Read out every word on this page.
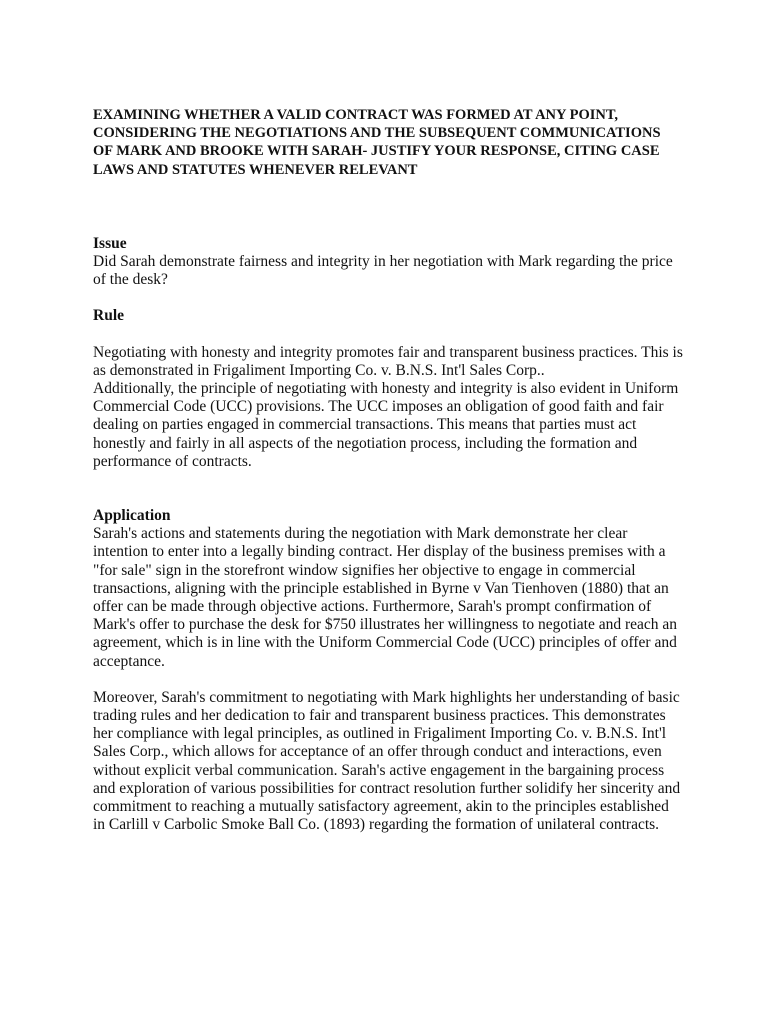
EXAMINING WHETHER A VALID CONTRACT WAS FORMED AT ANY POINT, CONSIDERING THE NEGOTIATIONS AND THE SUBSEQUENT COMMUNICATIONS OF MARK AND BROOKE WITH SARAH- JUSTIFY YOUR RESPONSE, CITING CASE LAWS AND STATUTES WHENEVER RELEVANT

Issue

Did Sarah demonstrate fairness and integrity in her negotiation with Mark regarding the price of the desk?

Rule

Negotiating with honesty and integrity promotes fair and transparent business practices. This is as demonstrated in Frigaliment Importing Co. v. B.N.S. Int'l Sales Corp..

Additionally, the principle of negotiating with honesty and integrity is also evident in Uniform Commercial Code (UCC) provisions. The UCC imposes an obligation of good faith and fair dealing on parties engaged in commercial transactions. This means that parties must act honestly and fairly in all aspects of the negotiation process, including the formation and performance of contracts.

Application

Sarah's actions and statements during the negotiation with Mark demonstrate her clear intention to enter into a legally binding contract. Her display of the business premises with a "for sale" sign in the storefront window signifies her objective to engage in commercial transactions, aligning with the principle established in Byrne v Van Tienhoven (1880) that an offer can be made through objective actions. Furthermore, Sarah's prompt confirmation of Mark's offer to purchase the desk for $750 illustrates her willingness to negotiate and reach an agreement, which is in line with the Uniform Commercial Code (UCC) principles of offer and acceptance.

Moreover, Sarah's commitment to negotiating with Mark highlights her understanding of basic trading rules and her dedication to fair and transparent business practices. This demonstrates her compliance with legal principles, as outlined in Frigaliment Importing Co. v. B.N.S. Int'l Sales Corp., which allows for acceptance of an offer through conduct and interactions, even without explicit verbal communication. Sarah's active engagement in the bargaining process and exploration of various possibilities for contract resolution further solidify her sincerity and commitment to reaching a mutually satisfactory agreement, akin to the principles established in Carlill v Carbolic Smoke Ball Co. (1893) regarding the formation of unilateral contracts.
